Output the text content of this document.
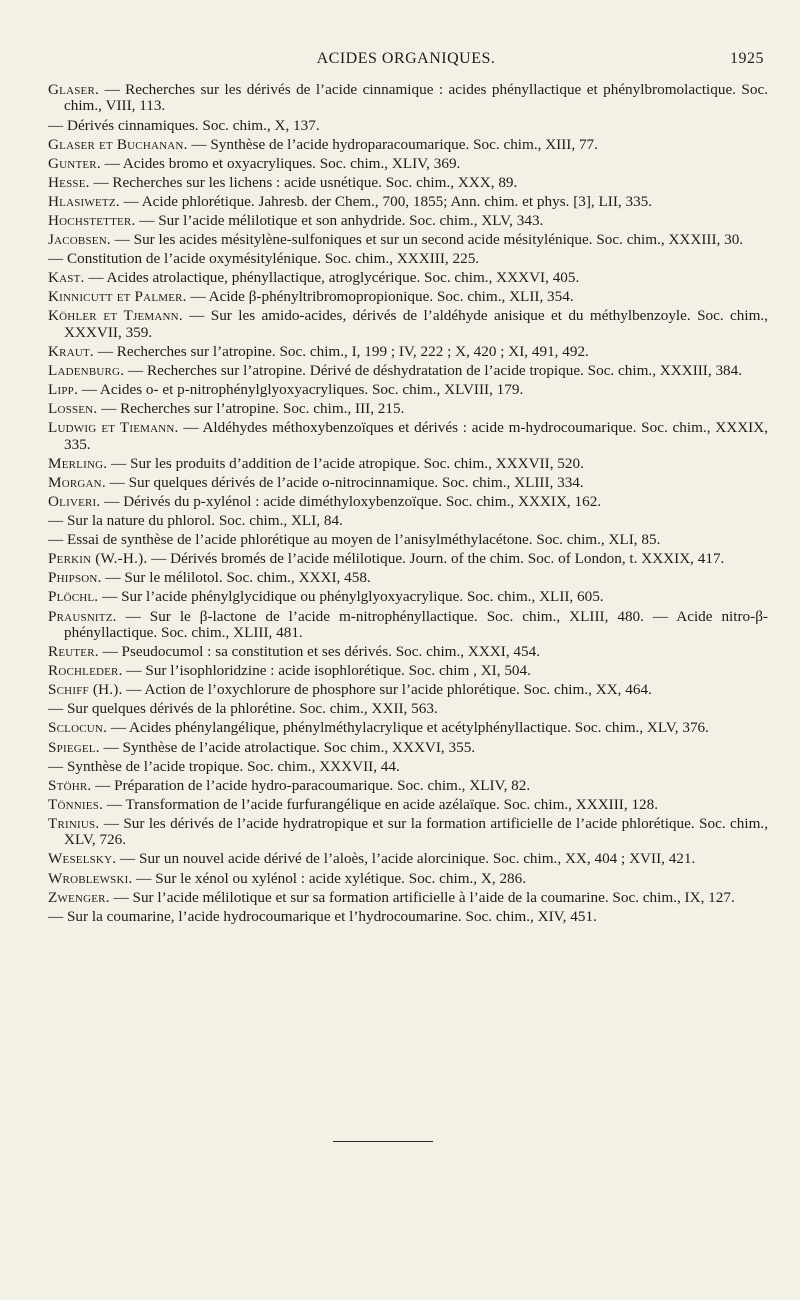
ACIDES ORGANIQUES.	1925

Glaser. — Recherches sur les dérivés de l’acide cinnamique : acides phényllactique et phénylbromolactique. Soc. chim., VIII, 113.

— Dérivés cinnamiques. Soc. chim., X, 137.

Glaser et Buchanan. — Synthèse de l’acide hydroparacoumarique. Soc. chim., XIII, 77.

Gunter. — Acides bromo et oxyacryliques. Soc. chim., XLIV, 369.

Hesse. — Recherches sur les lichens : acide usnétique. Soc. chim., XXX, 89.

Hlasiwetz. — Acide phlorétique. Jahresb. der Chem., 700, 1855; Ann. chim. et phys. [3], LII, 335.

Hochstetter. — Sur l’acide mélilotique et son anhydride. Soc. chim., XLV, 343.

Jacobsen. — Sur les acides mésitylène-sulfoniques et sur un second acide mésitylénique. Soc. chim., XXXIII, 30.

— Constitution de l’acide oxymésitylénique. Soc. chim., XXXIII, 225.

Kast. — Acides atrolactique, phényllactique, atroglycérique. Soc. chim., XXXVI, 405.

Kinnicutt et Palmer. — Acide β-phényltribromopropionique. Soc. chim., XLII, 354.

Köhler et Tjemann. — Sur les amido-acides, dérivés de l’aldéhyde anisique et du méthylbenzoyle. Soc. chim., XXXVII, 359.

Kraut. — Recherches sur l’atropine. Soc. chim., I, 199 ; IV, 222 ; X, 420 ; XI, 491, 492.

Ladenburg. — Recherches sur l’atropine. Dérivé de déshydratation de l’acide tropique. Soc. chim., XXXIII, 384.

Lipp. — Acides o- et p-nitrophénylglyoxyacryliques. Soc. chim., XLVIII, 179.

Lossen. — Recherches sur l’atropine. Soc. chim., III, 215.

Ludwig et Tiemann. — Aldéhydes méthoxybenzoïques et dérivés : acide m-hydrocoumarique. Soc. chim., XXXIX, 335.

Merling. — Sur les produits d’addition de l’acide atropique. Soc. chim., XXXVII, 520.

Morgan. — Sur quelques dérivés de l’acide o-nitrocinnamique. Soc. chim., XLIII, 334.

Oliveri. — Dérivés du p-xylénol : acide diméthyloxybenzoïque. Soc. chim., XXXIX, 162.

— Sur la nature du phlorol. Soc. chim., XLI, 84.

— Essai de synthèse de l’acide phlorétique au moyen de l’anisylméthylacétone. Soc. chim., XLI, 85.

Perkin (W.-H.). — Dérivés bromés de l’acide mélilotique. Journ. of the chim. Soc. of London, t. XXXIX, 417.

Phipson. — Sur le mélilotol. Soc. chim., XXXI, 458.

Plöchl. — Sur l’acide phénylglycidique ou phénylglyoxyacrylique. Soc. chim., XLII, 605.

Prausnitz. — Sur le β-lactone de l’acide m-nitrophényllactique. Soc. chim., XLIII, 480. — Acide nitro-β-phényllactique. Soc. chim., XLIII, 481.

Reuter. — Pseudocumol : sa constitution et ses dérivés. Soc. chim., XXXI, 454.

Rochleder. — Sur l’isophloridzine : acide isophlorétique. Soc. chim , XI, 504.

Schiff (H.). — Action de l’oxychlorure de phosphore sur l’acide phlorétique. Soc. chim., XX, 464.

— Sur quelques dérivés de la phlorétine. Soc. chim., XXII, 563.

Sclocun. — Acides phénylangélique, phénylméthylacrylique et acétylphényllactique. Soc. chim., XLV, 376.

Spiegel. — Synthèse de l’acide atrolactique. Soc chim., XXXVI, 355.

— Synthèse de l’acide tropique. Soc. chim., XXXVII, 44.

Stöhr. — Préparation de l’acide hydro-paracoumarique. Soc. chim., XLIV, 82.

Tönnies. — Transformation de l’acide furfurangélique en acide azélaïque. Soc. chim., XXXIII, 128.

Trinius. — Sur les dérivés de l’acide hydratropique et sur la formation artificielle de l’acide phlorétique. Soc. chim., XLV, 726.

Weselsky. — Sur un nouvel acide dérivé de l’aloès, l’acide alorcinique. Soc. chim., XX, 404 ; XVII, 421.

Wroblewski. — Sur le xénol ou xylénol : acide xylétique. Soc. chim., X, 286.

Zwenger. — Sur l’acide mélilotique et sur sa formation artificielle à l’aide de la coumarine. Soc. chim., IX, 127.

— Sur la coumarine, l’acide hydrocoumarique et l’hydrocoumarine. Soc. chim., XIV, 451.
